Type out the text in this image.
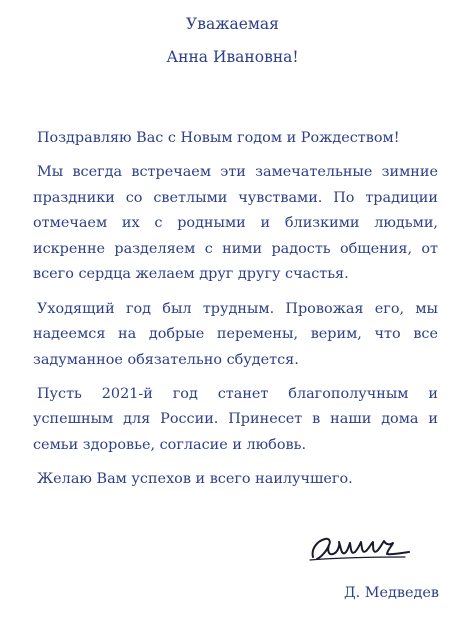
Уважаемая
Анна Ивановна!

Поздравляю Вас с Новым годом и Рождеством!

Мы всегда встречаем эти замечательные зимние праздники со светлыми чувствами. По традиции отмечаем их с родными и близкими людьми, искренне разделяем с ними радость общения, от всего сердца желаем друг другу счастья.

Уходящий год был трудным. Провожая его, мы надеемся на добрые перемены, верим, что все задуманное обязательно сбудется.

Пусть 2021-й год станет благополучным и успешным для России. Принесет в наши дома и семьи здоровье, согласие и любовь.

Желаю Вам успехов и всего наилучшего.

Д. Медведев
